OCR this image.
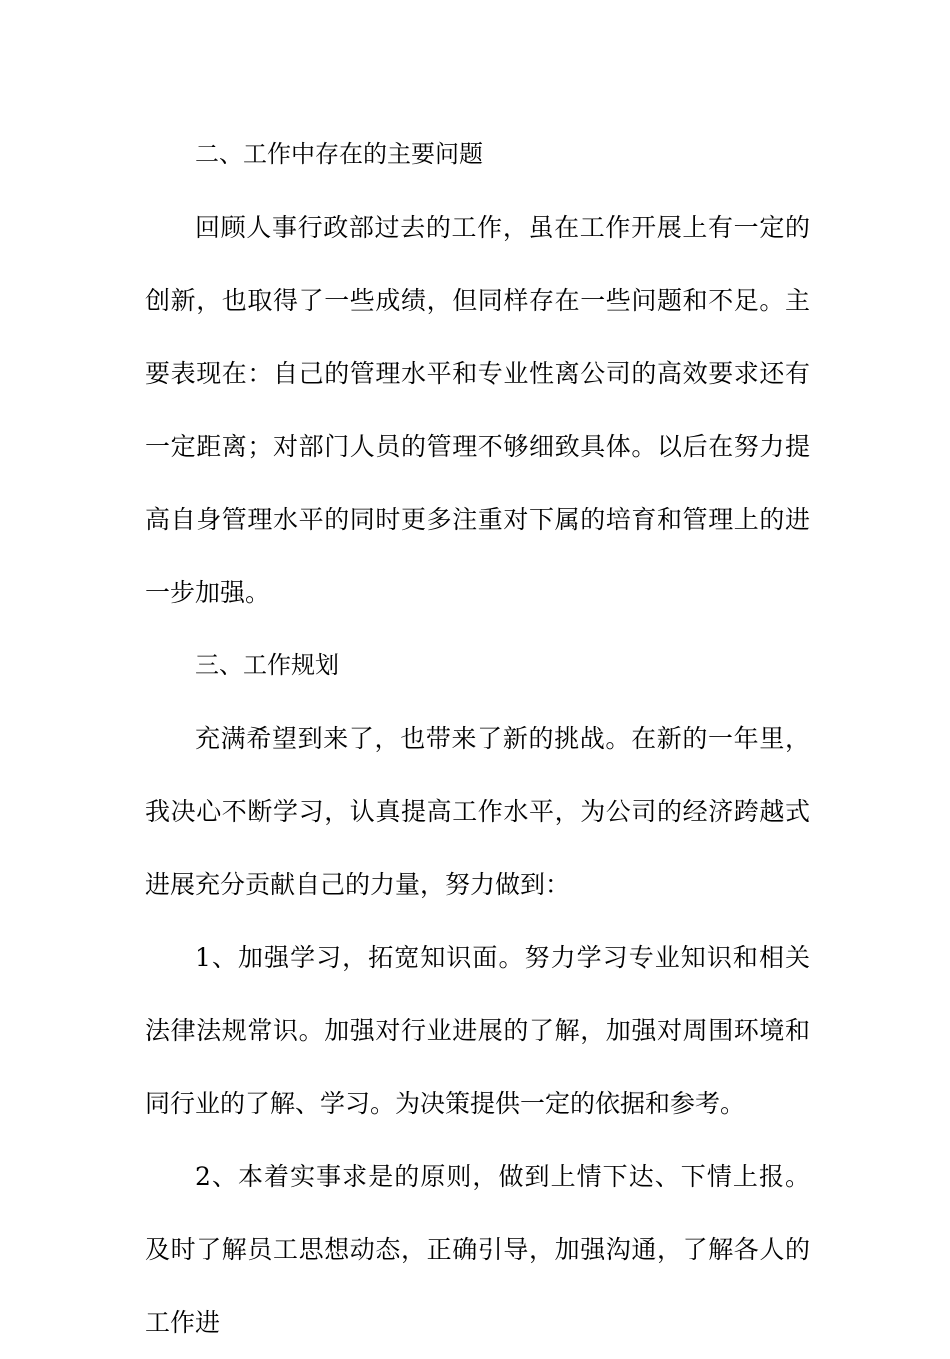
二、工作中存在的主要问题

回顾人事行政部过去的工作，虽在工作开展上有一定的创新，也取得了一些成绩，但同样存在一些问题和不足。主要表现在：自己的管理水平和专业性离公司的高效要求还有一定距离；对部门人员的管理不够细致具体。以后在努力提高自身管理水平的同时更多注重对下属的培育和管理上的进一步加强。

三、工作规划

充满希望到来了，也带来了新的挑战。在新的一年里，我决心不断学习，认真提高工作水平，为公司的经济跨越式进展充分贡献自己的力量，努力做到：

1、加强学习，拓宽知识面。努力学习专业知识和相关法律法规常识。加强对行业进展的了解，加强对周围环境和同行业的了解、学习。为决策提供一定的依据和参考。

2、本着实事求是的原则，做到上情下达、下情上报。及时了解员工思想动态，正确引导，加强沟通，了解各人的工作进
